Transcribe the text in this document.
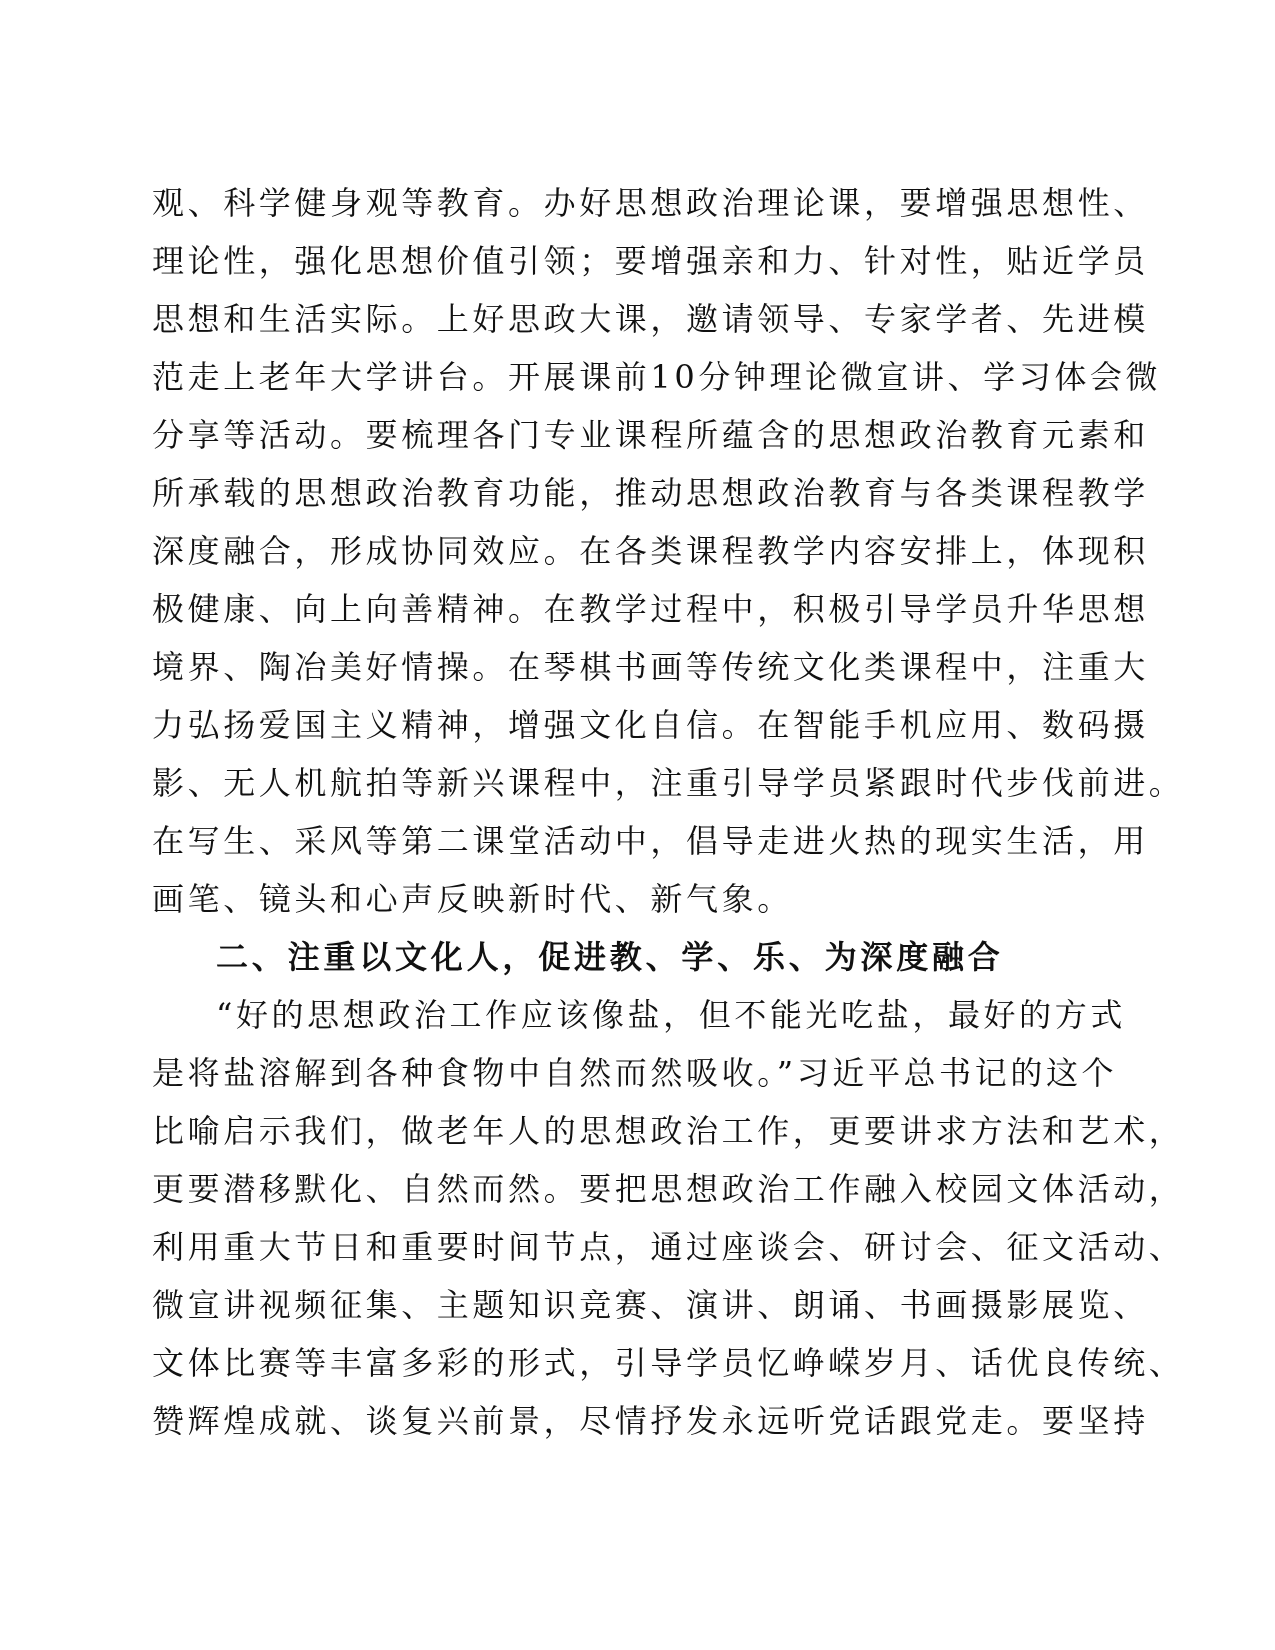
观、科学健身观等教育。办好思想政治理论课，要增强思想性、
理论性，强化思想价值引领；要增强亲和力、针对性，贴近学员
思想和生活实际。上好思政大课，邀请领导、专家学者、先进模
范走上老年大学讲台。开展课前10分钟理论微宣讲、学习体会微
分享等活动。要梳理各门专业课程所蕴含的思想政治教育元素和
所承载的思想政治教育功能，推动思想政治教育与各类课程教学
深度融合，形成协同效应。在各类课程教学内容安排上，体现积
极健康、向上向善精神。在教学过程中，积极引导学员升华思想
境界、陶冶美好情操。在琴棋书画等传统文化类课程中，注重大
力弘扬爱国主义精神，增强文化自信。在智能手机应用、数码摄
影、无人机航拍等新兴课程中，注重引导学员紧跟时代步伐前进。
在写生、采风等第二课堂活动中，倡导走进火热的现实生活，用
画笔、镜头和心声反映新时代、新气象。
二、注重以文化人，促进教、学、乐、为深度融合
“好的思想政治工作应该像盐，但不能光吃盐，最好的方式
是将盐溶解到各种食物中自然而然吸收。”习近平总书记的这个
比喻启示我们，做老年人的思想政治工作，更要讲求方法和艺术，
更要潜移默化、自然而然。要把思想政治工作融入校园文体活动，
利用重大节日和重要时间节点，通过座谈会、研讨会、征文活动、
微宣讲视频征集、主题知识竞赛、演讲、朗诵、书画摄影展览、
文体比赛等丰富多彩的形式，引导学员忆峥嵘岁月、话优良传统、
赞辉煌成就、谈复兴前景，尽情抒发永远听党话跟党走。要坚持
